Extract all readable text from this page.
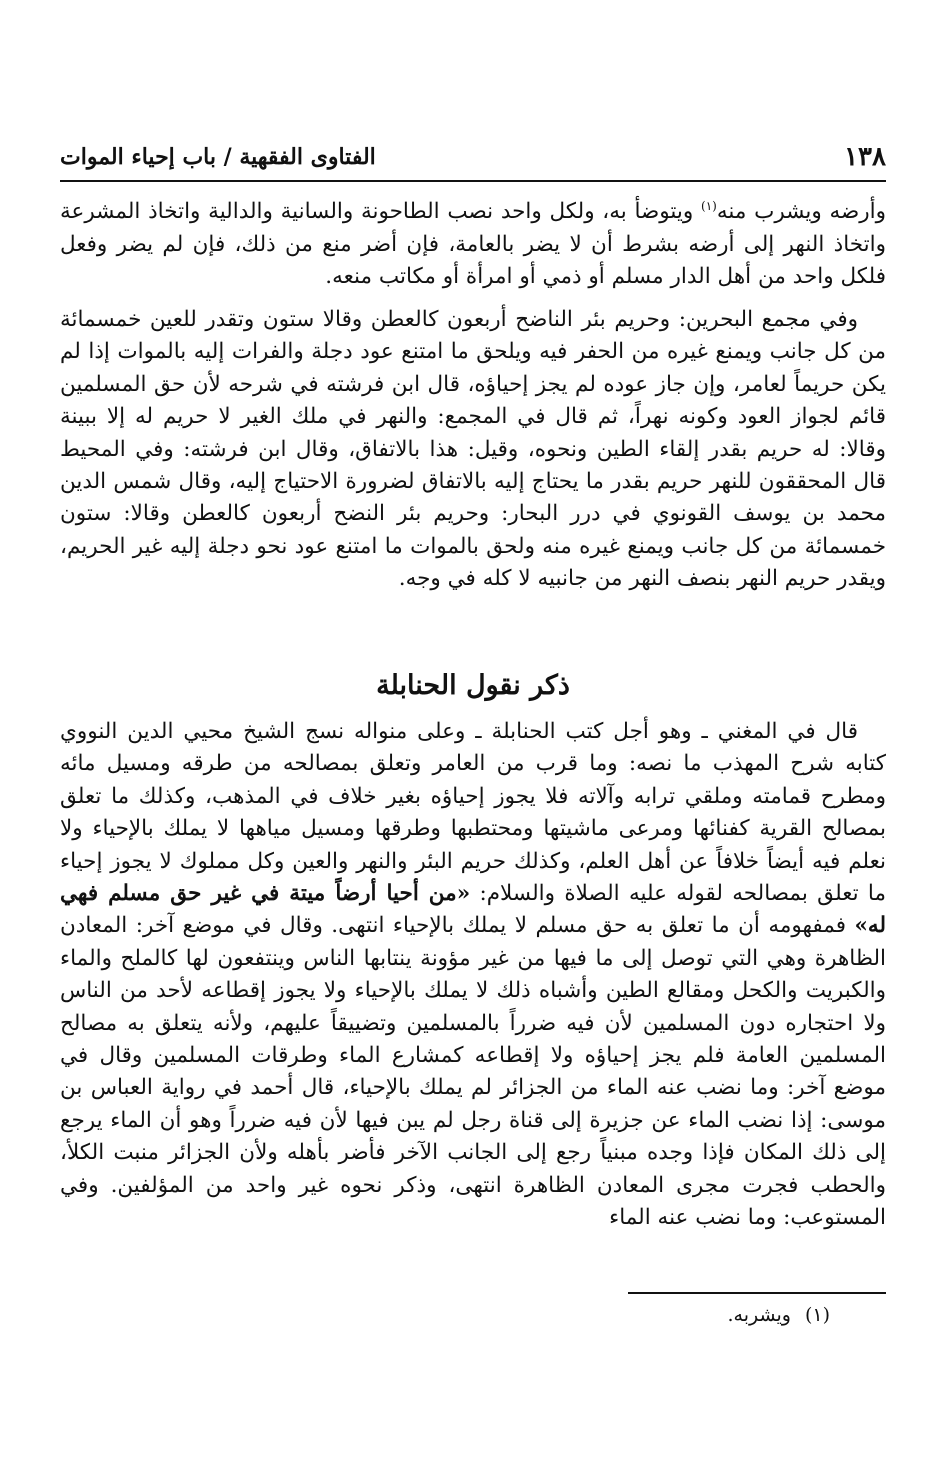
١٣٨
الفتاوى الفقهية / باب إحياء الموات

وأرضه ويشرب منه$^{(١)}$ ويتوضأ به، ولكل واحد نصب الطاحونة والسانية والدالية واتخاذ المشرعة واتخاذ النهر إلى أرضه بشرط أن لا يضر بالعامة، فإن أضر منع من ذلك، فإن لم يضر وفعل فلكل واحد من أهل الدار مسلم أو ذمي أو امرأة أو مكاتب منعه.

وفي مجمع البحرين: وحريم بئر الناضح أربعون كالعطن وقالا ستون وتقدر للعين خمسمائة من كل جانب ويمنع غيره من الحفر فيه ويلحق ما امتنع عود دجلة والفرات إليه بالموات إذا لم يكن حريماً لعامر، وإن جاز عوده لم يجز إحياؤه، قال ابن فرشته في شرحه لأن حق المسلمين قائم لجواز العود وكونه نهراً، ثم قال في المجمع: والنهر في ملك الغير لا حريم له إلا ببينة وقالا: له حريم بقدر إلقاء الطين ونحوه، وقيل: هذا بالاتفاق، وقال ابن فرشته: وفي المحيط قال المحققون للنهر حريم بقدر ما يحتاج إليه بالاتفاق لضرورة الاحتياج إليه، وقال شمس الدين محمد بن يوسف القونوي في درر البحار: وحريم بئر النضح أربعون كالعطن وقالا: ستون خمسمائة من كل جانب ويمنع غيره منه ولحق بالموات ما امتنع عود نحو دجلة إليه غير الحريم، ويقدر حريم النهر بنصف النهر من جانبيه لا كله في وجه.

ذكر نقول الحنابلة

قال في المغني ـ وهو أجل كتب الحنابلة ـ وعلى منواله نسج الشيخ محيي الدين النووي كتابه شرح المهذب ما نصه: وما قرب من العامر وتعلق بمصالحه من طرقه ومسيل مائه ومطرح قمامته وملقي ترابه وآلاته فلا يجوز إحياؤه بغير خلاف في المذهب، وكذلك ما تعلق بمصالح القرية كفنائها ومرعى ماشيتها ومحتطبها وطرقها ومسيل مياهها لا يملك بالإحياء ولا نعلم فيه أيضاً خلافاً عن أهل العلم، وكذلك حريم البئر والنهر والعين وكل مملوك لا يجوز إحياء ما تعلق بمصالحه لقوله عليه الصلاة والسلام: «من أحيا أرضاً ميتة في غير حق مسلم فهي له» فمفهومه أن ما تعلق به حق مسلم لا يملك بالإحياء انتهى. وقال في موضع آخر: المعادن الظاهرة وهي التي توصل إلى ما فيها من غير مؤونة ينتابها الناس وينتفعون لها كالملح والماء والكبريت والكحل ومقالع الطين وأشباه ذلك لا يملك بالإحياء ولا يجوز إقطاعه لأحد من الناس ولا احتجاره دون المسلمين لأن فيه ضرراً بالمسلمين وتضييقاً عليهم، ولأنه يتعلق به مصالح المسلمين العامة فلم يجز إحياؤه ولا إقطاعه كمشارع الماء وطرقات المسلمين وقال في موضع آخر: وما نضب عنه الماء من الجزائر لم يملك بالإحياء، قال أحمد في رواية العباس بن موسى: إذا نضب الماء عن جزيرة إلى قناة رجل لم يبن فيها لأن فيه ضرراً وهو أن الماء يرجع إلى ذلك المكان فإذا وجده مبنياً رجع إلى الجانب الآخر فأضر بأهله ولأن الجزائر منبت الكلأ، والحطب فجرت مجرى المعادن الظاهرة انتهى، وذكر نحوه غير واحد من المؤلفين. وفي المستوعب: وما نضب عنه الماء

(١)ويشربه.
